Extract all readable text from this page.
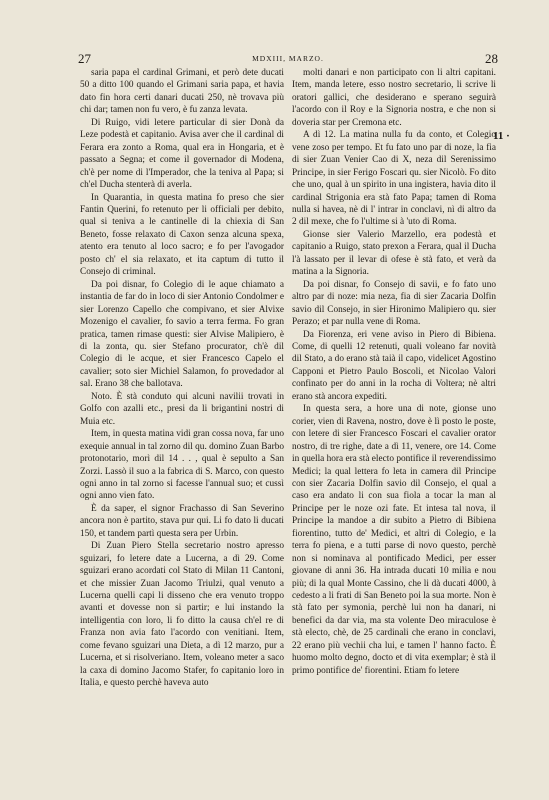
27	MDXIII, MARZO.	28

saria papa el cardinal Grimani, et però dete ducati 50 a ditto 100 quando el Grimani saria papa, et havia dato fin hora certi danari ducati 250, nè trovava più chi dar; tamen non fu vero, è fu zanza levata.

Di Ruigo, vidi letere particular di sier Donà da Leze podestà et capitanio. Avisa aver che il cardinal di Ferara era zonto a Roma, qual era in Hongaria, et è passato a Segna; et come il governador di Modena, ch'è per nome di l'Imperador, che la teniva al Papa; si ch'el Ducha stenterà di averla.

In Quarantia, in questa matina fo preso che sier Fantin Querini, fo retenuto per li officiali per debito, qual si teniva a le cantinelle di la chiexia di San Beneto, fosse relaxato di Caxon senza alcuna spexa, atento era tenuto al loco sacro; e fo per l'avogador posto ch' el sia relaxato, et ita captum di tutto il Consejo di criminal.

Da poi disnar, fo Colegio di le aque chiamato a instantia de far do in loco di sier Antonio Condolmer e sier Lorenzo Capello che compivano, et sier Alvixe Mozenigo el cavalier, fo savio a terra ferma. Fo gran pratica, tamen rimase questi: sier Alvise Malipiero, è di la zonta, qu. sier Stefano procurator, ch'è dil Colegio di le acque, et sier Francesco Capelo el cavalier; soto sier Michiel Salamon, fo provedador al sal. Erano 38 che ballotava.

Noto. È stà conduto qui alcuni navilii trovati in Golfo con azalli etc., presi da li brigantini nostri di Muia etc.

Item, in questa matina vidi gran cossa nova, far uno exequie annual in tal zorno dil qu. domino Zuan Barbo protonotario, morì dil 14 . . , qual è sepulto a San Zorzi. Lassò il suo a la fabrica di S. Marco, con questo ogni anno in tal zorno si facesse l'annual suo; et cussì ogni anno vien fato.

È da saper, el signor Frachasso di San Severino ancora non è partito, stava pur qui. Li fo dato li ducati 150, et tandem partì questa sera per Urbin.

Di Zuan Piero Stella secretario nostro apresso sguizari, fo letere date a Lucerna, a dì 29. Come sguizari erano acordati col Stato di Milan 11 Cantoni, et che missier Zuan Jacomo Triulzi, qual venuto a Lucerna quelli capi li disseno che era venuto troppo avanti et dovesse non si partir; e lui instando la intelligentia con loro, li fo ditto la causa ch'el re di Franza non avia fato l'acordo con venitiani. Item, come fevano sguizari una Dieta, a dì 12 marzo, pur a Lucerna, et si risolveriano. Item, voleano meter a saco la caxa di domino Jacomo Stafer, fo capitanio loro in Italia, e questo perchè haveva auto

molti danari e non participato con li altri capitani. Item, manda letere, esso nostro secretario, li scrive li oratori gallici, che desiderano e sperano seguirà l'acordo con il Roy e la Signoria nostra, e che non si doveria star per Cremona etc.

A dì 12. La matina nulla fu da conto, et Colegio vene zoso per tempo. Et fu fato uno par di noze, la fia di sier Zuan Venier Cao di X, neza dil Serenissimo Principe, in sier Ferigo Foscari qu. sier Nicolò. Fo dito che uno, qual à un spirito in una ingistera, havia dito il cardinal Strigonia era stà fato Papa; tamen di Roma nulla si havea, nè di l' intrar in conclavi, nì di altro da 2 dil mexe, che fo l'ultime si à 'uto di Roma.

Gionse sier Valerio Marzello, era podestà et capitanio a Ruigo, stato prexon a Ferara, qual il Ducha l'à lassato per il levar di ofese è stà fato, et verà da matina a la Signoria.

Da poi disnar, fo Consejo di savii, e fo fato uno altro par di noze: mia neza, fia di sier Zacaria Dolfin savio dil Consejo, in sier Hironimo Malipiero qu. sier Perazo; et par nulla vene di Roma.

Da Fiorenza, eri vene aviso in Piero di Bibiena. Come, di quelli 12 retenuti, quali voleano far novità dil Stato, a do erano stà taià il capo, videlicet Agostino Capponi et Pietro Paulo Boscoli, et Nicolao Valori confinato per do anni in la rocha di Voltera; nè altri erano stà ancora expediti.

In questa sera, a hore una di note, gionse uno corier, vien di Ravena, nostro, dove è lì posto le poste, con letere di sier Francesco Foscari el cavalier orator nostro, di tre righe, date a dì 11, venere, ore 14. Come in quella hora era stà electo pontifice il reverendissimo Medici; la qual lettera fo leta in camera dil Principe con sier Zacaria Dolfin savio dil Consejo, el qual a caso era andato li con sua fiola a tocar la man al Principe per le noze ozi fate. Et intesa tal nova, il Principe la mandoe a dir subito a Pietro di Bibiena fiorentino, tutto de' Medici, et altri di Colegio, e la terra fo piena, e a tutti parse di novo questo, perchè non si nominava al pontificado Medici, per esser giovane di anni 36. Ha intrada ducati 10 milia e nou più; di la qual Monte Cassino, che li dà ducati 4000, à cedesto a li frati di San Beneto poi la sua morte. Non è stà fato per symonia, perchè lui non ha danari, ni benefici da dar via, ma sta volente Deo miraculose è stà electo, chè, de 25 cardinali che erano in conclavi, 22 erano più vechii cha lui, e tamen l' hanno facto. È huomo molto degno, docto et di vita exemplar; è stà il primo pontifice de' fiorentini. Etiam fo letere

11 ·
